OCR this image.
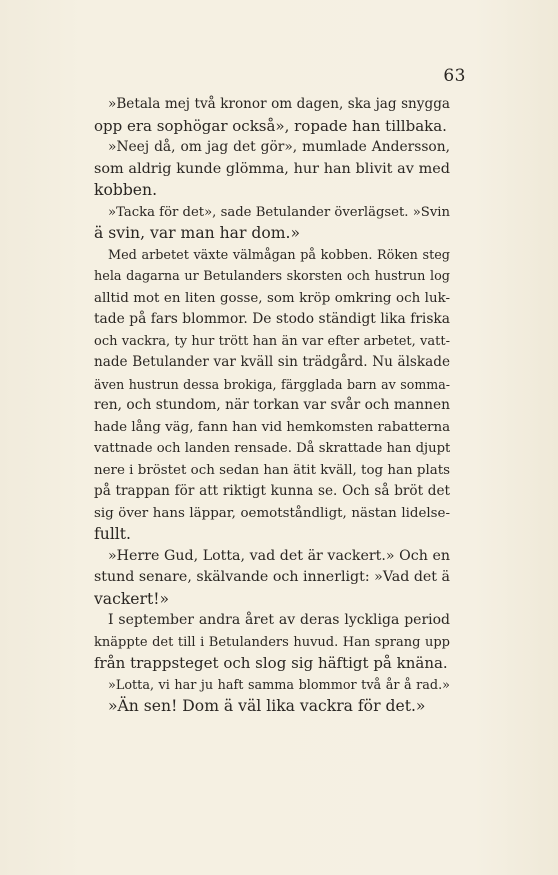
63
»Betala mej två kronor om dagen, ska jag snygga
opp era sophögar också», ropade han tillbaka.
»Neej då, om jag det gör», mumlade Andersson,
som aldrig kunde glömma, hur han blivit av med
kobben.
»Tacka för det», sade Betulander överlägset. »Svin
ä svin, var man har dom.»
Med arbetet växte välmågan på kobben. Röken steg
hela dagarna ur Betulanders skorsten och hustrun log
alltid mot en liten gosse, som kröp omkring och luk-
tade på fars blommor. De stodo ständigt lika friska
och vackra, ty hur trött han än var efter arbetet, vatt-
nade Betulander var kväll sin trädgård. Nu älskade
även hustrun dessa brokiga, färgglada barn av somma-
ren, och stundom, när torkan var svår och mannen
hade lång väg, fann han vid hemkomsten rabatterna
vattnade och landen rensade. Då skrattade han djupt
nere i bröstet och sedan han ätit kväll, tog han plats
på trappan för att riktigt kunna se. Och så bröt det
sig över hans läppar, oemotståndligt, nästan lidelse-
fullt.
»Herre Gud, Lotta, vad det är vackert.» Och en
stund senare, skälvande och innerligt: »Vad det ä
vackert!»
I september andra året av deras lyckliga period
knäppte det till i Betulanders huvud. Han sprang upp
från trappsteget och slog sig häftigt på knäna.
»Lotta, vi har ju haft samma blommor två år å rad.»
»Än sen! Dom ä väl lika vackra för det.»
